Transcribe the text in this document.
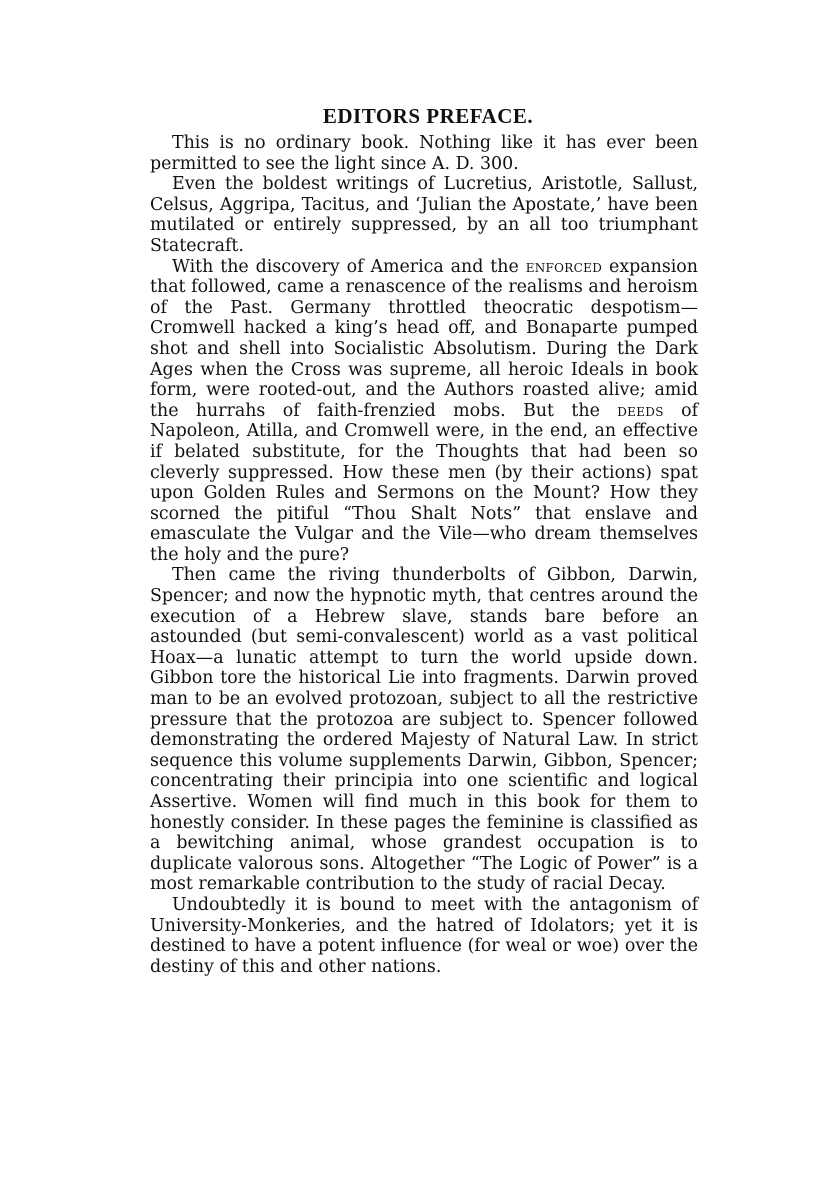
EDITORS PREFACE.

This is no ordinary book. Nothing like it has ever been permitted to see the light since A. D. 300.

Even the boldest writings of Lucretius, Aristotle, Sallust, Celsus, Aggripa, Tacitus, and ‘Julian the Apostate,’ have been mutilated or entirely suppressed, by an all too triumphant Statecraft.

With the discovery of America and the enforced expansion that followed, came a renascence of the realisms and heroism of the Past. Germany throttled theocratic despotism—Cromwell hacked a king’s head off, and Bonaparte pumped shot and shell into Socialistic Absolutism. During the Dark Ages when the Cross was supreme, all heroic Ideals in book form, were rooted-out, and the Authors roasted alive; amid the hurrahs of faith-frenzied mobs. But the deeds of Napoleon, Atilla, and Cromwell were, in the end, an effective if belated substitute, for the Thoughts that had been so cleverly suppressed. How these men (by their actions) spat upon Golden Rules and Sermons on the Mount? How they scorned the pitiful “Thou Shalt Nots” that enslave and emasculate the Vulgar and the Vile—who dream themselves the holy and the pure?

Then came the riving thunderbolts of Gibbon, Darwin, Spencer; and now the hypnotic myth, that centres around the execution of a Hebrew slave, stands bare before an astounded (but semi-convalescent) world as a vast political Hoax—a lunatic attempt to turn the world upside down. Gibbon tore the historical Lie into fragments. Darwin proved man to be an evolved protozoan, subject to all the restrictive pressure that the protozoa are subject to. Spencer followed demonstrating the ordered Majesty of Natural Law. In strict sequence this volume supplements Darwin, Gibbon, Spencer; concentrating their principia into one scientific and logical Assertive. Women will find much in this book for them to honestly consider. In these pages the feminine is classified as a bewitching animal, whose grandest occupation is to duplicate valorous sons. Altogether “The Logic of Power” is a most remarkable contribution to the study of racial Decay.

Undoubtedly it is bound to meet with the antagonism of University-Monkeries, and the hatred of Idolators; yet it is destined to have a potent influence (for weal or woe) over the destiny of this and other nations.
